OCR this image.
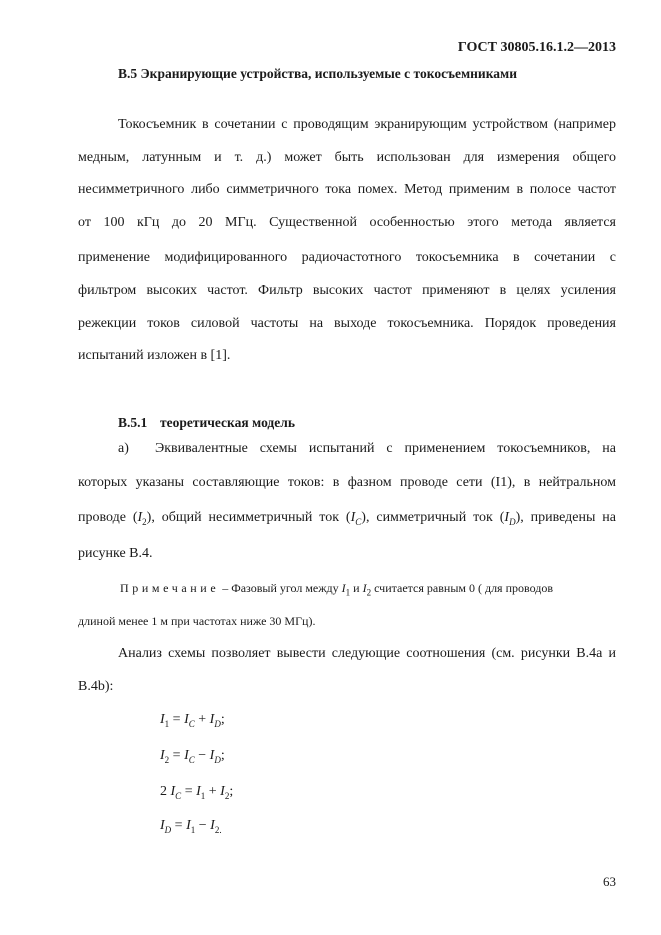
ГОСТ 30805.16.1.2—2013
В.5 Экранирующие устройства, используемые с токосъемниками
Токосъемник в сочетании с проводящим экранирующим устройством (например
медным, латунным и т. д.) может быть использован для измерения общего
несимметричного либо симметричного тока помех. Метод применим в полосе частот
от 100 кГц до 20 МГц. Существенной особенностью этого метода является
применение модифицированного радиочастотного токосъемника в сочетании с
фильтром высоких частот. Фильтр высоких частот применяют в целях усиления
режекции токов силовой частоты на выходе токосъемника. Порядок проведения
испытаний изложен в [1].
В.5.1 теоретическая модель
а) Эквивалентные схемы испытаний с применением токосъемников, на
которых указаны составляющие токов: в фазном проводе сети (I1), в нейтральном
проводе $(I_2)$, общий несимметричный ток $(I_C)$, симметричный ток $(I_D)$, приведены на
рисунке В.4.
Примечание – Фазовый угол между $I_1$ и $I_2$ считается равным 0 ( для проводов
длиной менее 1 м при частотах ниже 30 МГц).
Анализ схемы позволяет вывести следующие соотношения (см. рисунки В.4а и
В.4b):
$I_1 = I_C + I_D$;
$I_2 = I_C - I_D$;
2 $I_C = I_1 + I_2$;
$I_D = I_1 - I_{2.}$
63
